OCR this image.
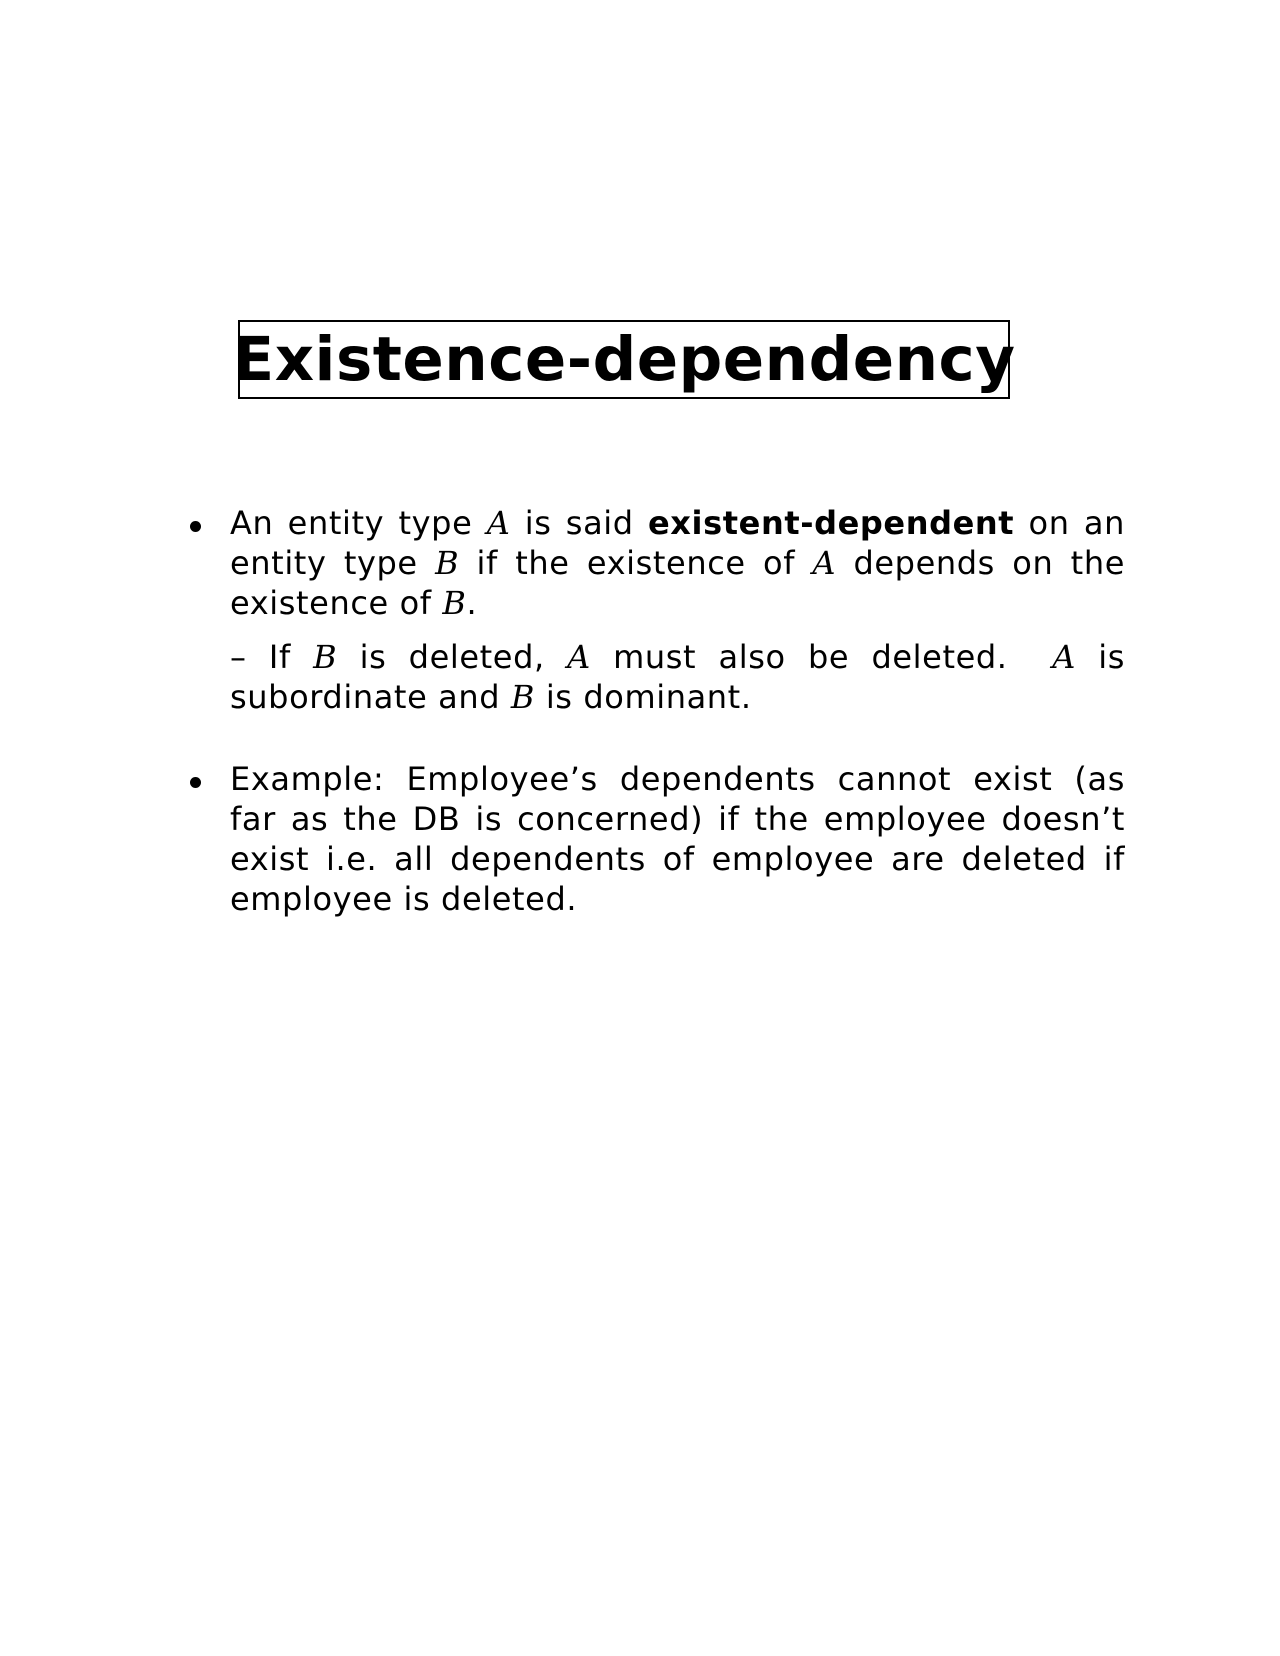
Existence-dependency

An entity type A is said existent-dependent on an entity type B if the existence of A depends on the existence of B.

– If B is deleted, A must also be deleted.  A is subordinate and B is dominant.

Example: Employee’s dependents cannot exist (as far as the DB is concerned) if the employee doesn’t exist i.e. all dependents of employee are deleted if employee is deleted.
